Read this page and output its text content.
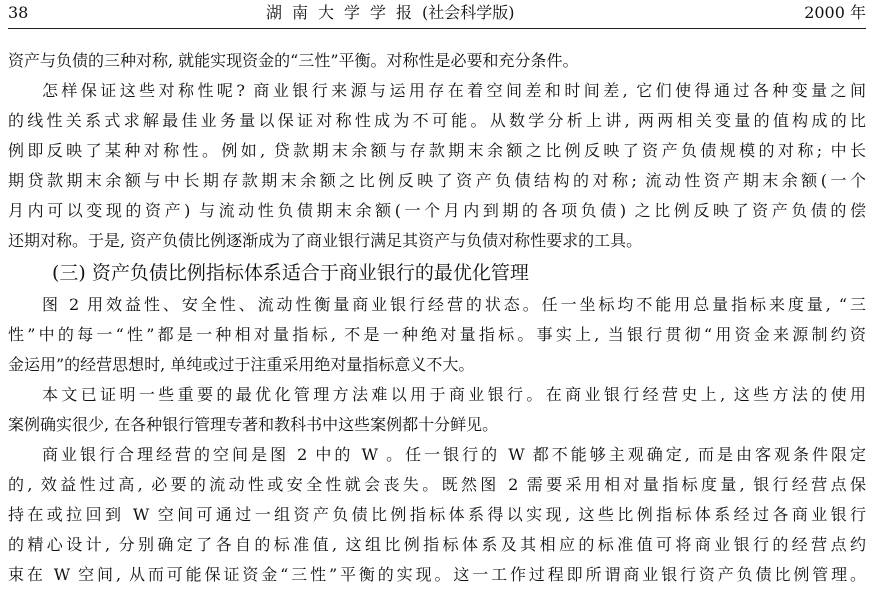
38	湖南大学学报(社会科学版)	2000 年
资产与负债的三种对称, 就能实现资金的“三性”平衡。对称性是必要和充分条件。
怎样保证这些对称性呢? 商业银行来源与运用存在着空间差和时间差, 它们使得通过各种变量之间
的线性关系式求解最佳业务量以保证对称性成为不可能。从数学分析上讲, 两两相关变量的值构成的比
例即反映了某种对称性。例如, 贷款期末余额与存款期末余额之比例反映了资产负债规模的对称; 中长
期贷款期末余额与中长期存款期末余额之比例反映了资产负债结构的对称; 流动性资产期末余额(一个
月内可以变现的资产) 与流动性负债期末余额(一个月内到期的各项负债) 之比例反映了资产负债的偿
还期对称。于是, 资产负债比例逐渐成为了商业银行满足其资产与负债对称性要求的工具。
(三) 资产负债比例指标体系适合于商业银行的最优化管理
图 2 用效益性、安全性、流动性衡量商业银行经营的状态。任一坐标均不能用总量指标来度量, “三
性”中的每一“性”都是一种相对量指标, 不是一种绝对量指标。事实上, 当银行贯彻“用资金来源制约资
金运用”的经营思想时, 单纯或过于注重采用绝对量指标意义不大。
本文已证明一些重要的最优化管理方法难以用于商业银行。在商业银行经营史上, 这些方法的使用
案例确实很少, 在各种银行管理专著和教科书中这些案例都十分鲜见。
商业银行合理经营的空间是图 2 中的 W 。任一银行的 W 都不能够主观确定, 而是由客观条件限定
的, 效益性过高, 必要的流动性或安全性就会丧失。既然图 2 需要采用相对量指标度量, 银行经营点保
持在或拉回到 W 空间可通过一组资产负债比例指标体系得以实现, 这些比例指标体系经过各商业银行
的精心设计, 分别确定了各自的标准值, 这组比例指标体系及其相应的标准值可将商业银行的经营点约
束在 W 空间, 从而可能保证资金“三性”平衡的实现。这一工作过程即所谓商业银行资产负债比例管理。
